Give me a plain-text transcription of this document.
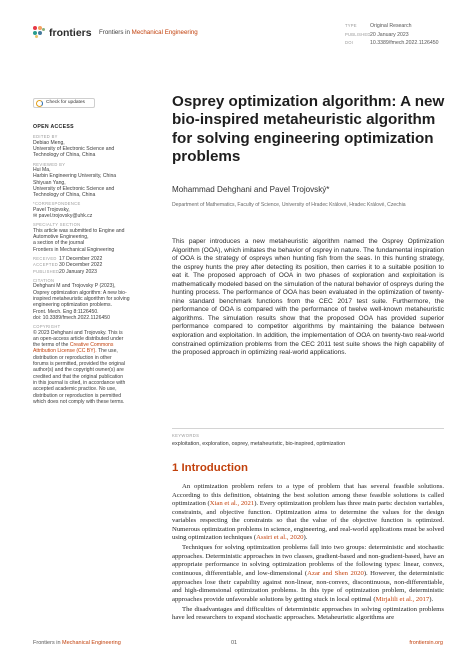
frontiers Frontiers in Mechanical Engineering
TYPE	Original Research
PUBLISHED20 January 2023
DOI	10.3389/fmech.2022.1126450
Check for updates
OPEN ACCESS
EDITED BY
Debiao Meng,
University of Electronic Science and
Technology of China, China
REVIEWED BY
Hui Ma,
Harbin Engineering University, China
Shiyuan Yang,
University of Electronic Science and
Technology of China, China
*CORRESPONDENCE
Pavel Trojovsky,
✉ pavel.trojovsky@uhk.cz
SPECIALTY SECTION
This article was submitted to Engine and
Automotive Engineering,
a section of the journal
Frontiers in Mechanical Engineering
RECEIVED 17 December 2022
ACCEPTED30 December 2022
PUBLISHED20 January 2023
CITATION
Dehghani M and Trojovsky P (2023),
Osprey optimization algorithm: A new bio-
inspired metaheuristic algorithm for solving
engineering optimization problems.
Front. Mech. Eng 8:1126450.
doi: 10.3389/fmech.2022.1126450
COPYRIGHT
© 2023 Dehghani and Trojovsky. This is an open-access article distributed under the terms of the Creative Commons Attribution License (CC BY). The use, distribution or reproduction in other forums is permitted, provided the original author(s) and the copyright owner(s) are credited and that the original publication in this journal is cited, in accordance with accepted academic practice. No use, distribution or reproduction is permitted which does not comply with these terms.
Osprey optimization algorithm: A new bio-inspired metaheuristic algorithm for solving engineering optimization problems
Mohammad Dehghani and Pavel Trojovský*
Department of Mathematics, Faculty of Science, University of Hradec Králové, Hradec Králové, Czechia
This paper introduces a new metaheuristic algorithm named the Osprey Optimization Algorithm (OOA), which imitates the behavior of osprey in nature. The fundamental inspiration of OOA is the strategy of ospreys when hunting fish from the seas. In this hunting strategy, the osprey hunts the prey after detecting its position, then carries it to a suitable position to eat it. The proposed approach of OOA in two phases of exploration and exploitation is mathematically modeled based on the simulation of the natural behavior of ospreys during the hunting process. The performance of OOA has been evaluated in the optimization of twenty-nine standard benchmark functions from the CEC 2017 test suite. Furthermore, the performance of OOA is compared with the performance of twelve well-known metaheuristic algorithms. The simulation results show that the proposed OOA has provided superior performance compared to competitor algorithms by maintaining the balance between exploration and exploitation. In addition, the implementation of OOA on twenty-two real-world constrained optimization problems from the CEC 2011 test suite shows the high capability of the proposed approach in optimizing real-world applications.
KEYWORDS
exploitation, exploration, osprey, metaheuristic, bio-inspired, optimization
1 Introduction

An optimization problem refers to a type of problem that has several feasible solutions. According to this definition, obtaining the best solution among these feasible solutions is called optimization (Xian et al., 2021). Every optimization problem has three main parts: decision variables, constraints, and objective function. Optimization aims to determine the values for the design variables respecting the constraints so that the value of the objective function is optimized. Numerous optimization problems in science, engineering, and real-world applications must be solved using optimization techniques (Assiri et al., 2020).

Techniques for solving optimization problems fall into two groups: deterministic and stochastic approaches. Deterministic approaches in two classes, gradient-based and non-gradient-based, have an appropriate performance in solving optimization problems of the following types: linear, convex, continuous, differentiable, and low-dimensional (Azar and Shen 2020). However, the deterministic approaches lose their capability against non-linear, non-convex, discontinuous, non-differentiable, and high-dimensional optimization problems. In this type of optimization problem, deterministic approaches provide unfavorable solutions by getting stuck in local optimal (Mirjalili et al., 2017).

The disadvantages and difficulties of deterministic approaches in solving optimization problems have led researchers to expand stochastic approaches. Metaheuristic algorithms are

Frontiers in Mechanical Engineering	01	frontiersin.org
